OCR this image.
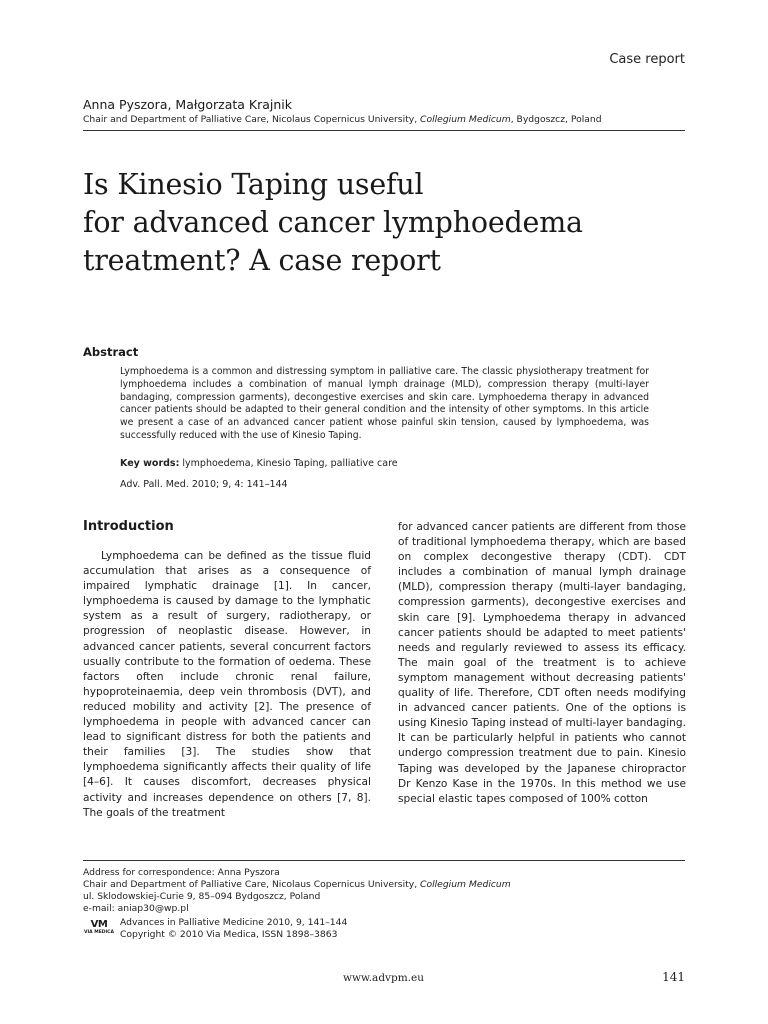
Case report
Anna Pyszora, Małgorzata Krajnik
Chair and Department of Palliative Care, Nicolaus Copernicus University, Collegium Medicum, Bydgoszcz, Poland
Is Kinesio Taping useful
for advanced cancer lymphoedema
treatment? A case report
Abstract
Lymphoedema is a common and distressing symptom in palliative care. The classic physiotherapy treatment for lymphoedema includes a combination of manual lymph drainage (MLD), compression therapy (multi-layer bandaging, compression garments), decongestive exercises and skin care. Lymphoedema therapy in advanced cancer patients should be adapted to their general condition and the intensity of other symptoms. In this article we present a case of an advanced cancer patient whose painful skin tension, caused by lymphoedema, was successfully reduced with the use of Kinesio Taping.
Key words: lymphoedema, Kinesio Taping, palliative care
Adv. Pall. Med. 2010; 9, 4: 141–144
Introduction
Lymphoedema can be defined as the tissue fluid accumulation that arises as a consequence of impaired lymphatic drainage [1]. In cancer, lymphoedema is caused by damage to the lymphatic system as a result of surgery, radiotherapy, or progression of neoplastic disease. However, in advanced cancer patients, several concurrent factors usually contribute to the formation of oedema. These factors often include chronic renal failure, hypoproteinaemia, deep vein thrombosis (DVT), and reduced mobility and activity [2]. The presence of lymphoedema in people with advanced cancer can lead to significant distress for both the patients and their families [3]. The studies show that lymphoedema significantly affects their quality of life [4–6]. It causes discomfort, decreases physical activity and increases dependence on others [7, 8]. The goals of the treatment
for advanced cancer patients are different from those of traditional lymphoedema therapy, which are based on complex decongestive therapy (CDT). CDT includes a combination of manual lymph drainage (MLD), compression therapy (multi-layer bandaging, compression garments), decongestive exercises and skin care [9]. Lymphoedema therapy in advanced cancer patients should be adapted to meet patients' needs and regularly reviewed to assess its efficacy. The main goal of the treatment is to achieve symptom management without decreasing patients' quality of life. Therefore, CDT often needs modifying in advanced cancer patients. One of the options is using Kinesio Taping instead of multi-layer bandaging. It can be particularly helpful in patients who cannot undergo compression treatment due to pain. Kinesio Taping was developed by the Japanese chiropractor Dr Kenzo Kase in the 1970s. In this method we use special elastic tapes composed of 100% cotton
Address for correspondence: Anna Pyszora
Chair and Department of Palliative Care, Nicolaus Copernicus University, Collegium Medicum
ul. Sklodowskiej-Curie 9, 85–094 Bydgoszcz, Poland
e-mail: aniap30@wp.pl
VM
VIA MEDICA
Advances in Palliative Medicine 2010, 9, 141–144
Copyright © 2010 Via Medica, ISSN 1898–3863
www.advpm.eu	141
